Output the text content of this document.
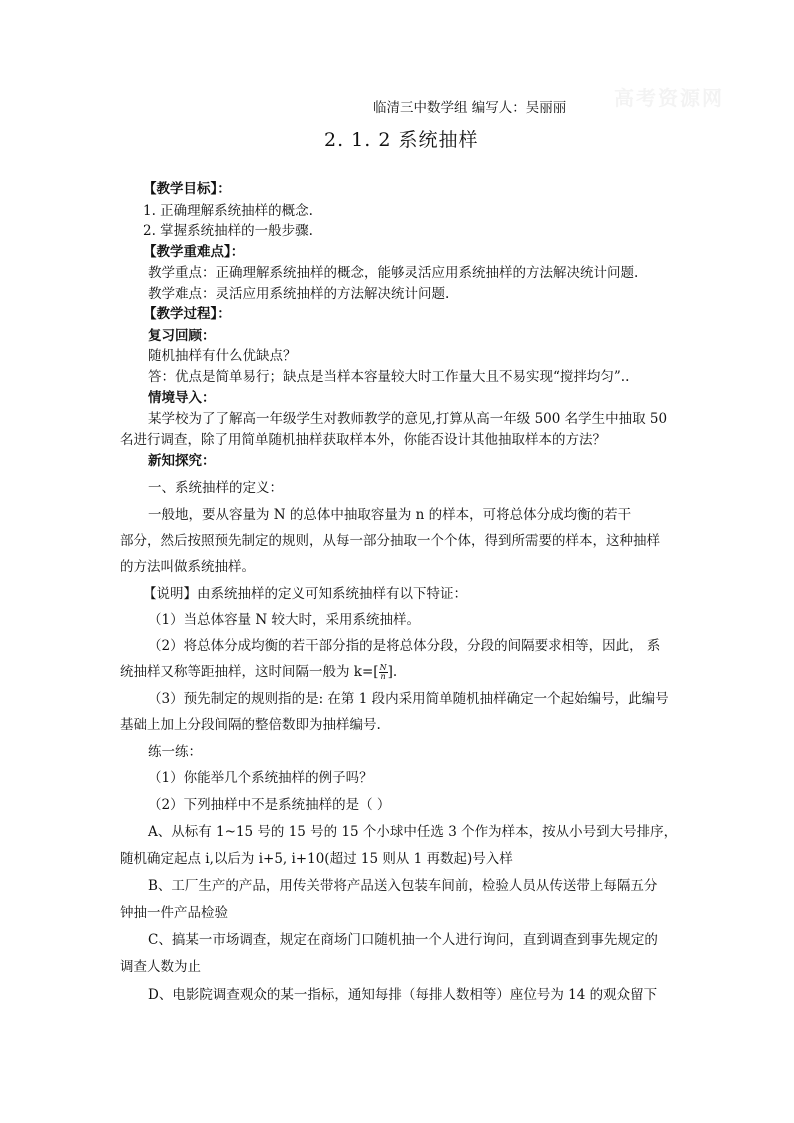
高考资源网
临清三中数学组 编写人：吴丽丽
2. 1. 2 系统抽样
【教学目标】：
1. 正确理解系统抽样的概念.
2. 掌握系统抽样的一般步骤.
【教学重难点】：
教学重点：正确理解系统抽样的概念，能够灵活应用系统抽样的方法解决统计问题.
教学难点：灵活应用系统抽样的方法解决统计问题.
【教学过程】：
复习回顾：
随机抽样有什么优缺点？
答：优点是简单易行；缺点是当样本容量较大时工作量大且不易实现“搅拌均匀”..
情境导入：
某学校为了了解高一年级学生对教师教学的意见,打算从高一年级 500 名学生中抽取 50
名进行调查，除了用简单随机抽样获取样本外，你能否设计其他抽取样本的方法？
新知探究：
一、系统抽样的定义：
一般地，要从容量为 N 的总体中抽取容量为 n 的样本，可将总体分成均衡的若干
部分，然后按照预先制定的规则，从每一部分抽取一个个体，得到所需要的样本，这种抽样
的方法叫做系统抽样。
【说明】由系统抽样的定义可知系统抽样有以下特证：
（1）当总体容量 N 较大时，采用系统抽样。
（2）将总体分成均衡的若干部分指的是将总体分段，分段的间隔要求相等，因此， 系
统抽样又称等距抽样，这时间隔一般为 $k=[ \frac{N}{n}$ ].
（3）预先制定的规则指的是: 在第 1 段内采用简单随机抽样确定一个起始编号，此编号
基础上加上分段间隔的整倍数即为抽样编号.
练一练：
（1）你能举几个系统抽样的例子吗？
（2）下列抽样中不是系统抽样的是（ ）
A、从标有 1~15 号的 15 号的 15 个小球中任选 3 个作为样本，按从小号到大号排序，
随机确定起点 i,以后为 i+5, i+10(超过 15 则从 1 再数起)号入样
B、工厂生产的产品，用传关带将产品送入包装车间前，检验人员从传送带上每隔五分
钟抽一件产品检验
C、搞某一市场调查，规定在商场门口随机抽一个人进行询问，直到调查到事先规定的
调查人数为止
D、电影院调查观众的某一指标，通知每排（每排人数相等）座位号为 14 的观众留下
